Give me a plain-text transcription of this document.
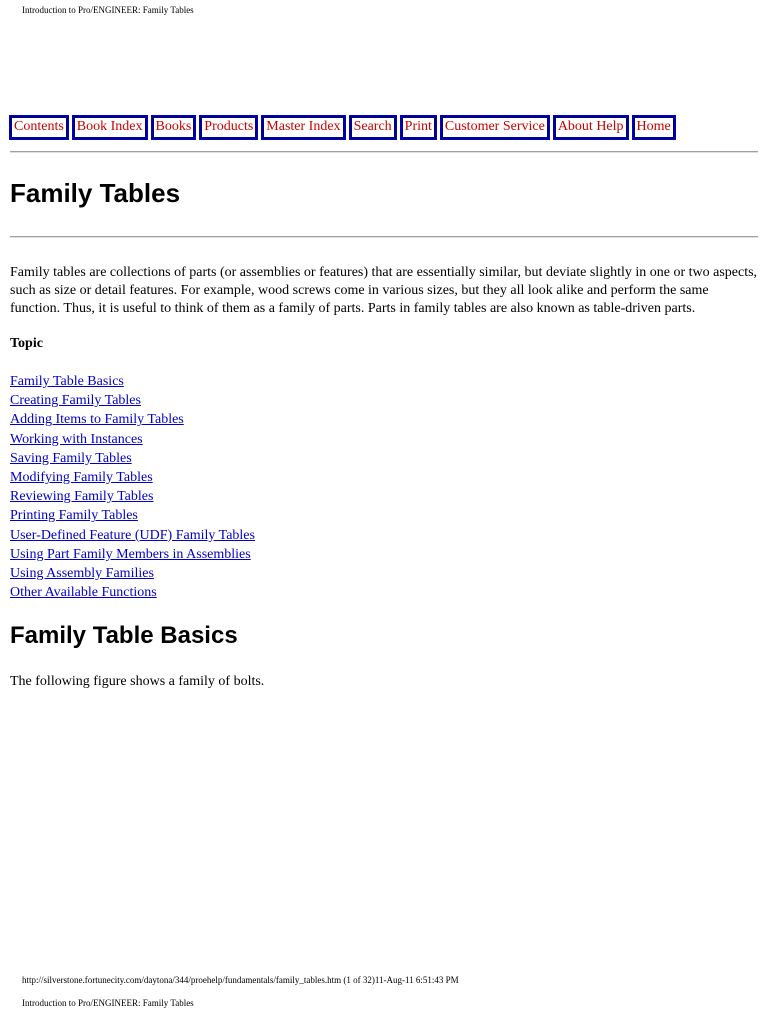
Introduction to Pro/ENGINEER: Family Tables
Contents Book Index Books Products Master Index Search Print Customer Service About Help Home
Family Tables

Family tables are collections of parts (or assemblies or features) that are essentially similar, but deviate slightly in one or two aspects, such as size or detail features. For example, wood screws come in various sizes, but they all look alike and perform the same function. Thus, it is useful to think of them as a family of parts. Parts in family tables are also known as table-driven parts.

Topic
Family Table Basics
Creating Family Tables
Adding Items to Family Tables
Working with Instances
Saving Family Tables
Modifying Family Tables
Reviewing Family Tables
Printing Family Tables
User-Defined Feature (UDF) Family Tables
Using Part Family Members in Assemblies
Using Assembly Families
Other Available Functions
Family Table Basics

The following figure shows a family of bolts.

http://silverstone.fortunecity.com/daytona/344/proehelp/fundamentals/family_tables.htm (1 of 32)11-Aug-11 6:51:43 PM
Introduction to Pro/ENGINEER: Family Tables
